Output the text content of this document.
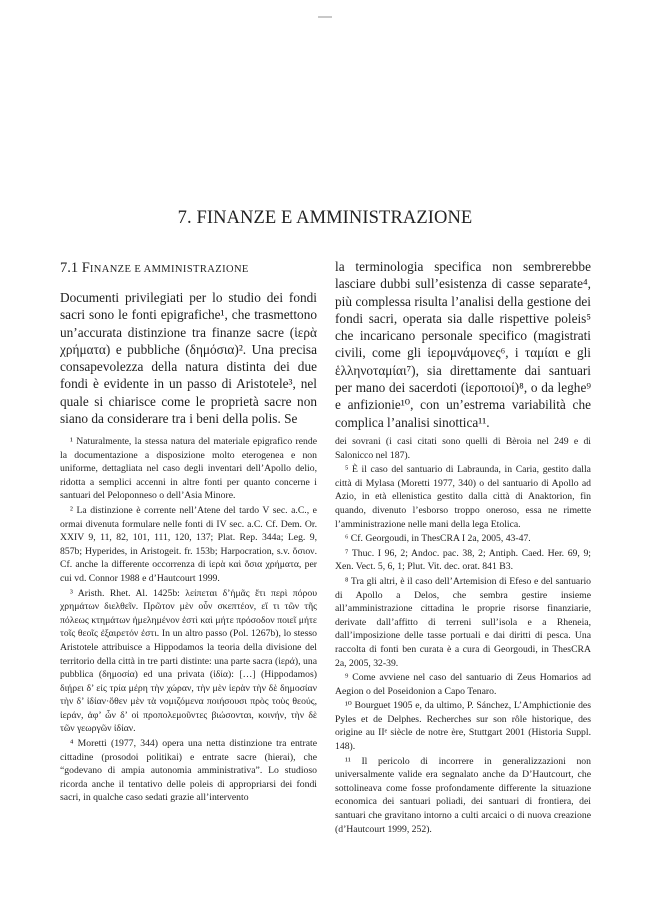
7. FINANZE E AMMINISTRAZIONE
7.1 FINANZE E AMMINISTRAZIONE

Documenti privilegiati per lo studio dei fondi sacri sono le fonti epigrafiche¹, che trasmettono un’accurata distinzione tra finanze sacre (ἱερὰ χρήματα) e pubbliche (δημόσια)². Una precisa consapevolezza della natura distinta dei due fondi è evidente in un passo di Aristotele³, nel quale si chiarisce come le proprietà sacre non siano da considerare tra i beni della polis. Se

la terminologia specifica non sembrerebbe lasciare dubbi sull’esistenza di casse separate⁴, più complessa risulta l’analisi della gestione dei fondi sacri, operata sia dalle rispettive poleis⁵ che incaricano personale specifico (magistrati civili, come gli ἱερομνάμονες⁶, i ταμίαι e gli ἑλληνοταμίαι⁷), sia direttamente dai santuari per mano dei sacerdoti (ἱεροποιοί)⁸, o da leghe⁹ e anfizionie¹⁰, con un’estrema variabilità che complica l’analisi sinottica¹¹.

¹ Naturalmente, la stessa natura del materiale epigrafico rende la documentazione a disposizione molto eterogenea e non uniforme, dettagliata nel caso degli inventari dell’Apollo delio, ridotta a semplici accenni in altre fonti per quanto concerne i santuari del Peloponneso o dell’Asia Minore.

² La distinzione è corrente nell’Atene del tardo V sec. a.C., e ormai divenuta formulare nelle fonti di IV sec. a.C. Cf. Dem. Or. XXIV 9, 11, 82, 101, 111, 120, 137; Plat. Rep. 344a; Leg. 9, 857b; Hyperides, in Aristogeit. fr. 153b; Harpocration, s.v. ὅσιον. Cf. anche la differente occorrenza di ἱερὰ καὶ ὅσια χρήματα, per cui vd. Connor 1988 e d’Hautcourt 1999.

³ Aristh. Rhet. Al. 1425b: λείπεται δ’ἡμᾶς ἔτι περὶ πόρου χρημάτων διελθεῖν. Πρῶτον μὲν οὖν σκεπτέον, εἴ τι τῶν τῆς πόλεως κτημάτων ἠμελημένον ἐστὶ καὶ μήτε πρόσοδον ποιεῖ μήτε τοῖς θεοῖς ἐξαιρετόν ἐστι. In un altro passo (Pol. 1267b), lo stesso Aristotele attribuisce a Hippodamos la teoria della divisione del territorio della città in tre parti distinte: una parte sacra (ἱερά), una pubblica (δημοσία) ed una privata (ἰδία): […] (Hippodamos) διῄρει δ’ εἰς τρία μέρη τὴν χώραν, τὴν μὲν ἱερὰν τὴν δὲ δημοσίαν τὴν δ’ ἰδίαν·ὅθεν μὲν τὰ νομιζόμενα ποιήσουσι πρὸς τοὺς θεούς, ἱεράν, ἀφ’ ὧν δ’ οἱ προπολεμοῦντες βιώσονται, κοινήν, τὴν δὲ τῶν γεωργῶν ἰδίαν.

⁴ Moretti (1977, 344) opera una netta distinzione tra entrate cittadine (prosodoi politikai) e entrate sacre (hierai), che “godevano di ampia autonomia amministrativa”. Lo studioso ricorda anche il tentativo delle poleis di appropriarsi dei fondi sacri, in qualche caso sedati grazie all’intervento

dei sovrani (i casi citati sono quelli di Bèroia nel 249 e di Salonicco nel 187).

⁵ È il caso del santuario di Labraunda, in Caria, gestito dalla città di Mylasa (Moretti 1977, 340) o del santuario di Apollo ad Azio, in età ellenistica gestito dalla città di Anaktorion, fin quando, divenuto l’esborso troppo oneroso, essa ne rimette l’amministrazione nelle mani della lega Etolica.

⁶ Cf. Georgoudi, in ThesCRA I 2a, 2005, 43-47.

⁷ Thuc. I 96, 2; Andoc. pac. 38, 2; Antiph. Caed. Her. 69, 9; Xen. Vect. 5, 6, 1; Plut. Vit. dec. orat. 841 B3.

⁸ Tra gli altri, è il caso dell’Artemision di Efeso e del santuario di Apollo a Delos, che sembra gestire insieme all’amministrazione cittadina le proprie risorse finanziarie, derivate dall’affitto di terreni sull’isola e a Rheneia, dall’imposizione delle tasse portuali e dai diritti di pesca. Una raccolta di fonti ben curata è a cura di Georgoudi, in ThesCRA 2a, 2005, 32-39.

⁹ Come avviene nel caso del santuario di Zeus Homarios ad Aegion o del Poseidonion a Capo Tenaro.

¹⁰ Bourguet 1905 e, da ultimo, P. Sánchez, L’Amphictionie des Pyles et de Delphes. Recherches sur son rôle historique, des origine au IIᵉ siècle de notre ère, Stuttgart 2001 (Historia Suppl. 148).

¹¹ Il pericolo di incorrere in generalizzazioni non universalmente valide era segnalato anche da D’Hautcourt, che sottolineava come fosse profondamente differente la situazione economica dei santuari poliadi, dei santuari di frontiera, dei santuari che gravitano intorno a culti arcaici o di nuova creazione (d’Hautcourt 1999, 252).
